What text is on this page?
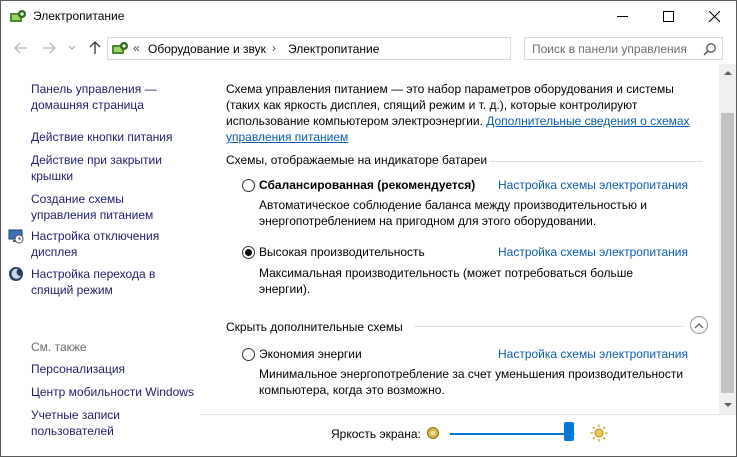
Электропитание
« Оборудование и звук › Электропитание	Поиск в панели управления
Панель управления — домашняя страница
Действие кнопки питания
Действие при закрытии крышки
Создание схемы управления питанием
Настройка отключения дисплея
Настройка перехода в спящий режим
См. также
Персонализация
Центр мобильности Windows
Учетные записи пользователей
Схема управления питанием — это набор параметров оборудования и системы (таких как яркость дисплея, спящий режим и т. д.), которые контролируют использование компьютером электроэнергии. Дополнительные сведения о схемах управления питанием
Схемы, отображаемые на индикаторе батареи
Сбалансированная (рекомендуется) Настройка схемы электропитания
Автоматическое соблюдение баланса между производительностью и энергопотреблением на пригодном для этого оборудовании.
Высокая производительность	Настройка схемы электропитания
Максимальная производительность (может потребоваться больше энергии).
Скрыть дополнительные схемы
Экономия энергии	Настройка схемы электропитания
Минимальное энергопотребление за счет уменьшения производительности компьютера, когда это возможно.
Яркость экрана:
